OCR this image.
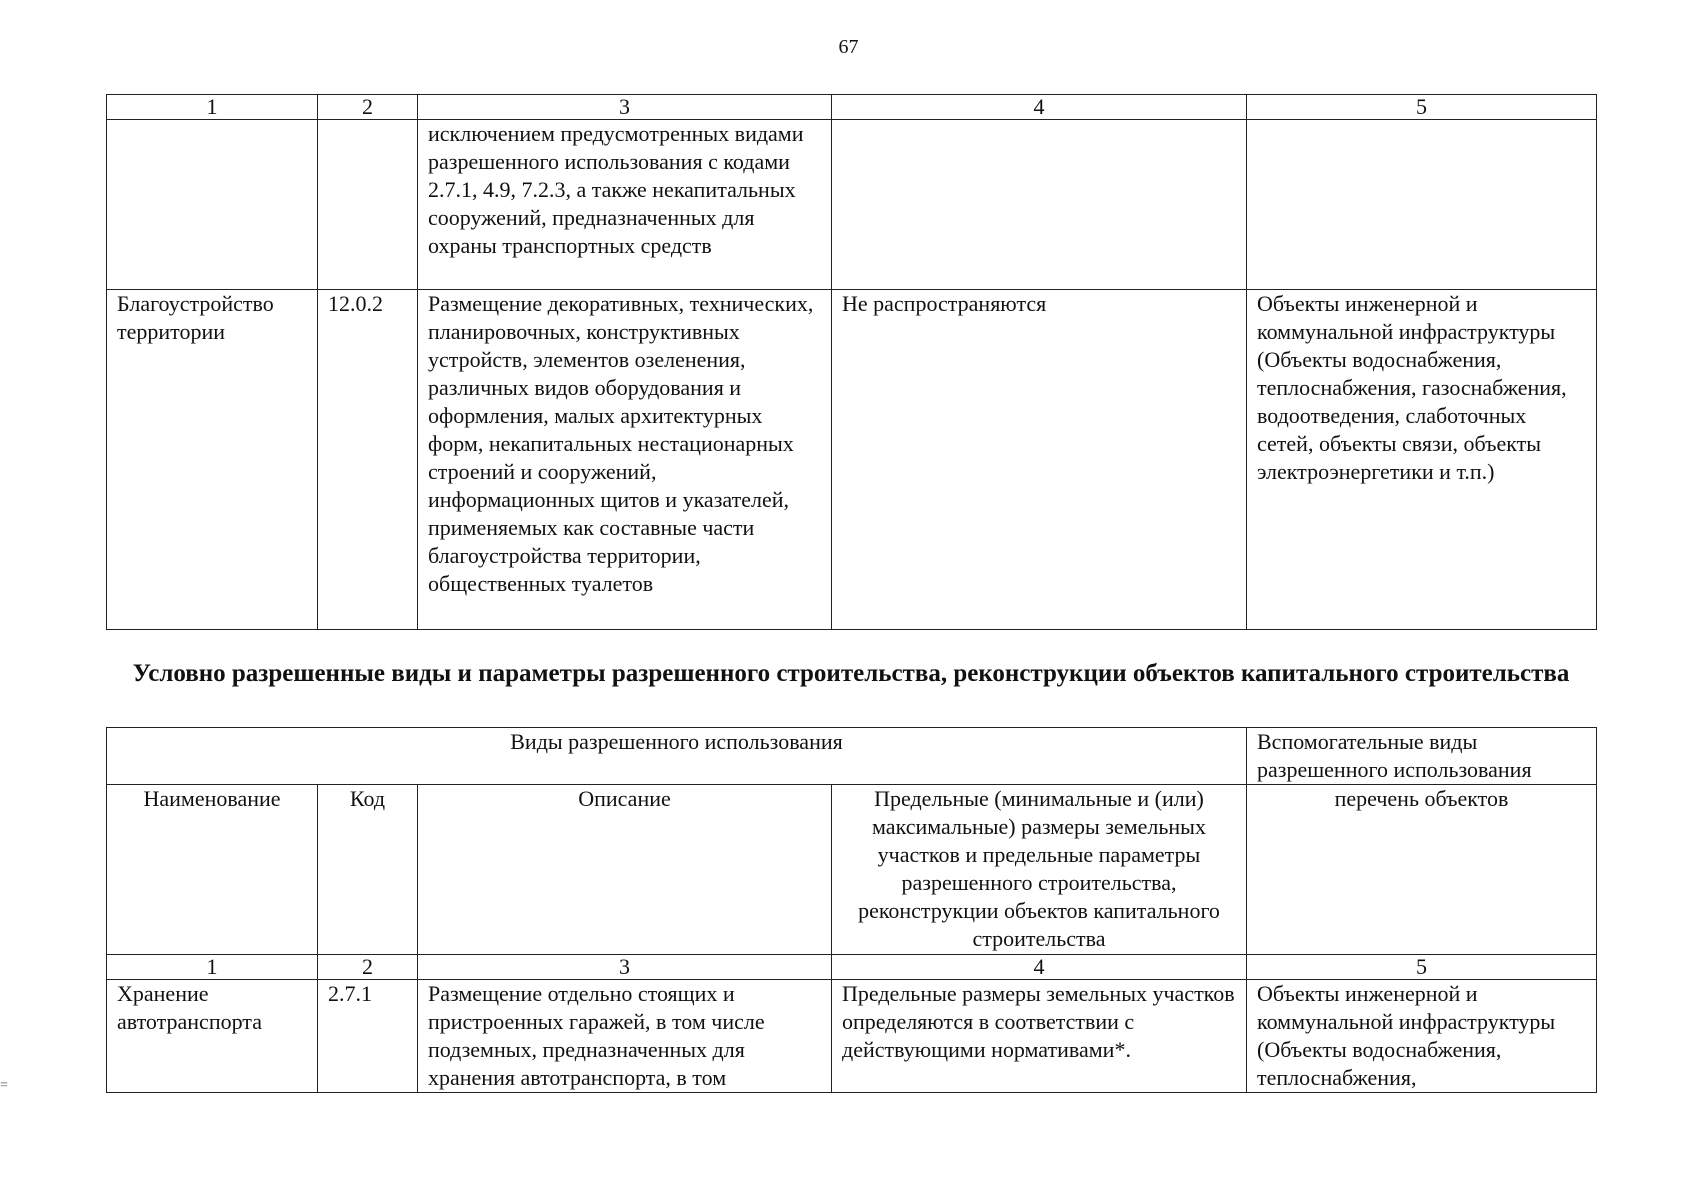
67
1	2	3	4	5
		исключением предусмотренных видами разрешенного использования с кодами 2.7.1, 4.9, 7.2.3, а также некапитальных сооружений, предназначенных для охраны транспортных средств		
Благоустройство территории	12.0.2	Размещение декоративных, технических, планировочных, конструктивных устройств, элементов озеленения, различных видов оборудования и оформления, малых архитектурных форм, некапитальных нестационарных строений и сооружений, информационных щитов и указателей, применяемых как составные части благоустройства территории, общественных туалетов	Не распространяются	Объекты инженерной и коммунальной инфраструктуры (Объекты водоснабжения, теплоснабжения, газоснабжения, водоотведения, слаботочных сетей, объекты связи, объекты электроэнергетики и т.п.)
Условно разрешенные виды и параметры разрешенного строительства, реконструкции объектов капитального строительства
Виды разрешенного использования				Вспомогательные виды разрешенного использования
Наименование	Код	Описание	Предельные (минимальные и (или) максимальные) размеры земельных участков и предельные параметры разрешенного строительства, реконструкции объектов капитального строительства	перечень объектов
1	2	3	4	5
Хранение автотранспорта	2.7.1	Размещение отдельно стоящих и пристроенных гаражей, в том числе подземных, предназначенных для хранения автотранспорта, в том	Предельные размеры земельных участков определяются в соответствии с действующими нормативами*.	Объекты инженерной и коммунальной инфраструктуры (Объекты водоснабжения, теплоснабжения,
=
